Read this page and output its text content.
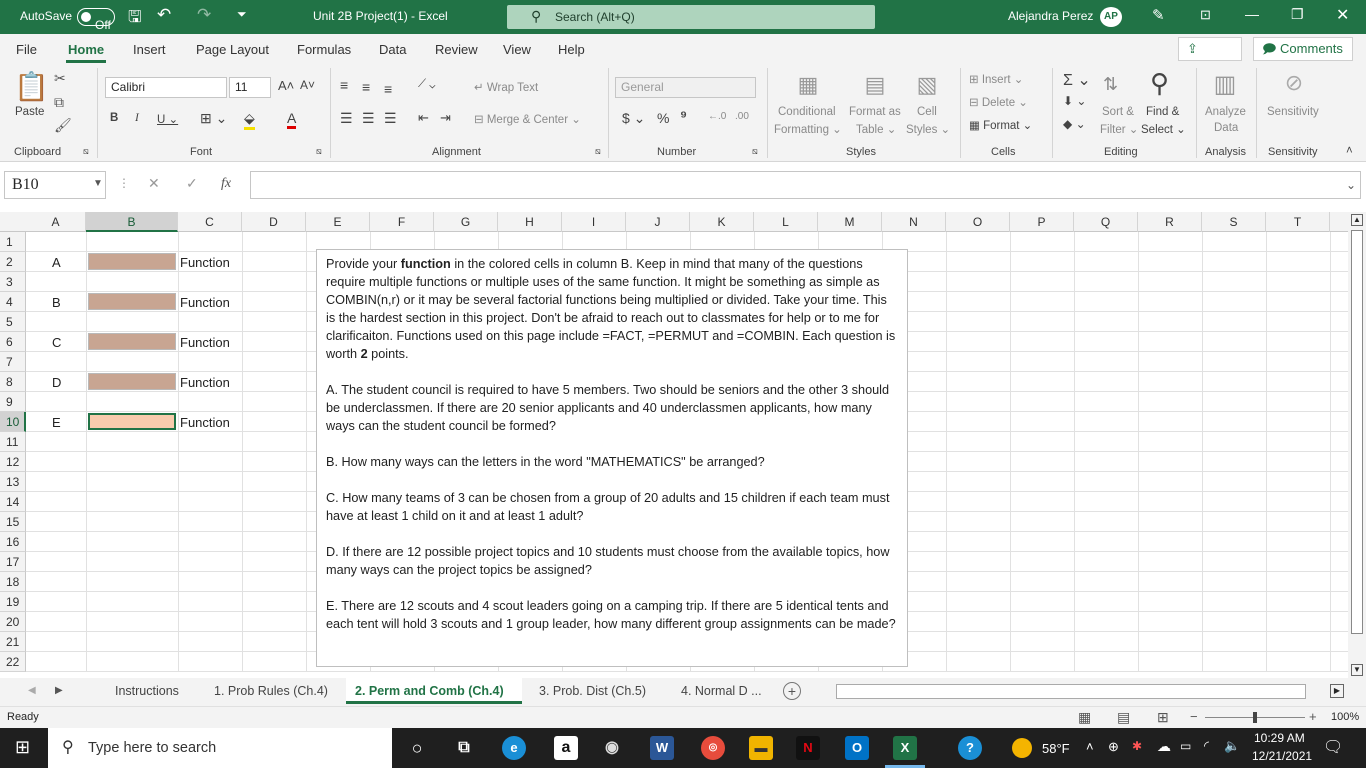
AutoSave
Off 🖫 ↶ ↷ ⏷	Unit 2B Project(1) - Excel	⚲ Search (Alt+Q)	Alejandra Perez	AP ✎	⊡ — ❐ ✕
File Home Insert Page Layout Formulas Data Review View Help	⇪	🗩 Comments
📋
Paste
✂
⧉
🖌
Clipboard ⧅
Calibri	11	A˄ A˅
B I U ⌄ ⊞ ⌄ ⬙ A
Font	⧅
≡ ≡ ≡ ⟋ ⌄
☰ ☰ ☰ ⇤ ⇥
↵ Wrap Text
⊟ Merge & Center ⌄
Alignment	⧅
General
$ ⌄ % ⁹ ←.0 .00
Number	⧅
▦
Conditional
Formatting ⌄
▤
Format as
Table ⌄
▧
Cell
Styles ⌄
Styles
⊞ Insert ⌄
⊟ Delete ⌄
▦ Format ⌄
Cells
Σ ⌄
⬇ ⌄
◆ ⌄
⇅
Sort &
Filter ⌄
⚲
Find &
Select ⌄
Editing
▥
Analyze
Data
Analysis
⊘
Sensitivity
Sensitivity ˄
B10	▼ ⋮ ✕ ✓ fx	⌄
A	B	C	D	E	F	G	H	I	J	K	L	M	N	O	P	Q	R	S	T
1
2
3
4
5
6
7
8
9
10
11
12
13
14
15
16
17
18
19
20
21
22
A
B
C
D
E
Function
Function
Function
Function
Function

Provide your function in the colored cells in column B. Keep in mind that many of the questions require multiple functions or multiple uses of the same function. It might be something as simple as COMBIN(n,r) or it may be several factorial functions being multiplied or divided. Take your time. This is the hardest section in this project. Don't be afraid to reach out to classmates for help or to me for clarificaiton. Functions used on this page include =FACT, =PERMUT and =COMBIN. Each question is worth 2 points.

A. The student council is required to have 5 members. Two should be seniors and the other 3 should be underclassmen. If there are 20 senior applicants and 40 underclassmen applicants, how many ways can the student council be formed?

B. How many ways can the letters in the word "MATHEMATICS" be arranged?

C. How many teams of 3 can be chosen from a group of 20 adults and 15 children if each team must have at least 1 child on it and at least 1 adult?

D. If there are 12 possible project topics and 10 students must choose from the available topics, how many ways can the project topics be assigned?

E. There are 12 scouts and 4 scout leaders going on a camping trip. If there are 5 identical tents and each tent will hold 3 scouts and 1 group leader, how many different group assignments can be made?

▲
▼
◀ ▶	Instructions	1. Prob Rules (Ch.4) 2. Perm and Comb (Ch.4)	3. Prob. Dist (Ch.5)	4. Normal D ...	+	▶
Ready	▦ ▤ ⊞ −	+ 100%
⊞ ⚲ Type here to search	○	⧉	e	a	◉	W	◎	▬	N	O	X	?	58°F ˄ ⊕ ✱ ☁ ▭ ◜ 🔈 10:29 AM
12/21/2021 🗨
